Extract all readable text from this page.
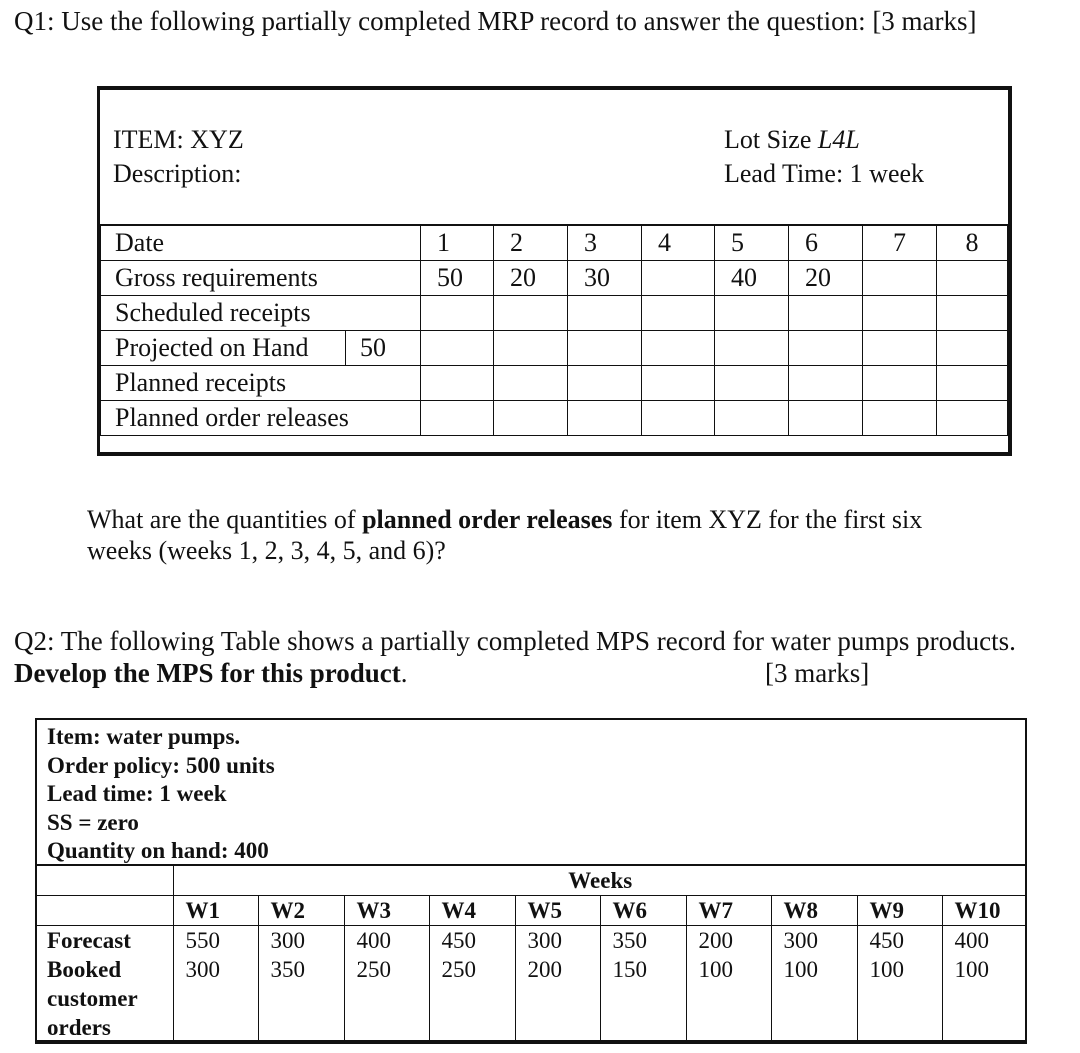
Q1: Use the following partially completed MRP record to answer the question: [3 marks]
ITEM: XYZ
Description:
Lot Size L4L
Lead Time: 1 week
Date		1	2	3	4	5	6	7	8
Gross requirements		50	20	30		40	20		
Scheduled receipts									
Projected on Hand	50								
Planned receipts									
Planned order releases									
What are the quantities of planned order releases for item XYZ for the first six weeks (weeks 1, 2, 3, 4, 5, and 6)?
Q2: The following Table shows a partially completed MPS record for water pumps products.
Develop the MPS for this product.	[3 marks]
Item: water pumps.
Order policy: 500 units
Lead time: 1 week
SS = zero
Quantity on hand: 400
	Weeks									
	W1	W2	W3	W4	W5	W6	W7	W8	W9	W10
Forecast	550	300	400	450	300	350	200	300	450	400
Booked	300	350	250	250	200	150	100	100	100	100
customer										
orders										
